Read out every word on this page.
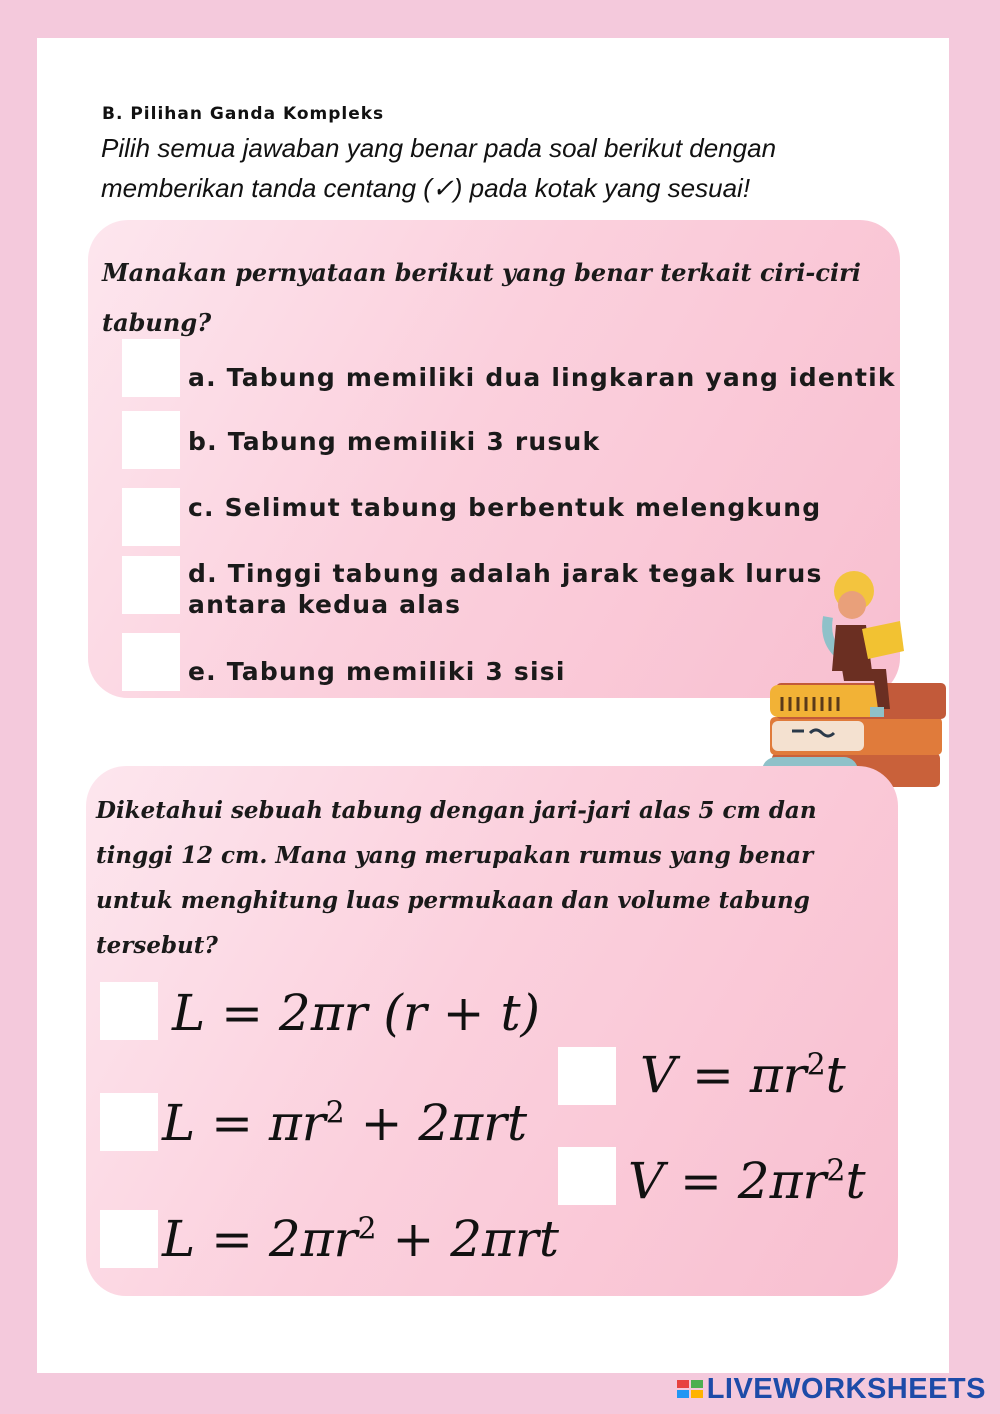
B. Pilihan Ganda Kompleks
Pilih semua jawaban yang benar pada soal berikut dengan memberikan tanda centang (✓) pada kotak yang sesuai!
Manakan pernyataan berikut yang benar terkait ciri-ciri tabung?
a. Tabung memiliki dua lingkaran yang identik
b. Tabung memiliki 3 rusuk
c. Selimut tabung berbentuk melengkung
d. Tinggi tabung adalah jarak tegak lurus antara kedua alas
e. Tabung memiliki 3 sisi
Diketahui sebuah tabung dengan jari-jari alas 5 cm dan tinggi 12 cm. Mana yang merupakan rumus yang benar untuk menghitung luas permukaan dan volume tabung tersebut?
L = 2πr (r + t)
$L = \pi r^2 + 2\pi rt$
$L = 2\pi r^2 + 2\pi rt$
$V = \pi r^2t$
$V = 2\pi r^2t$
LIVEWORKSHEETS
